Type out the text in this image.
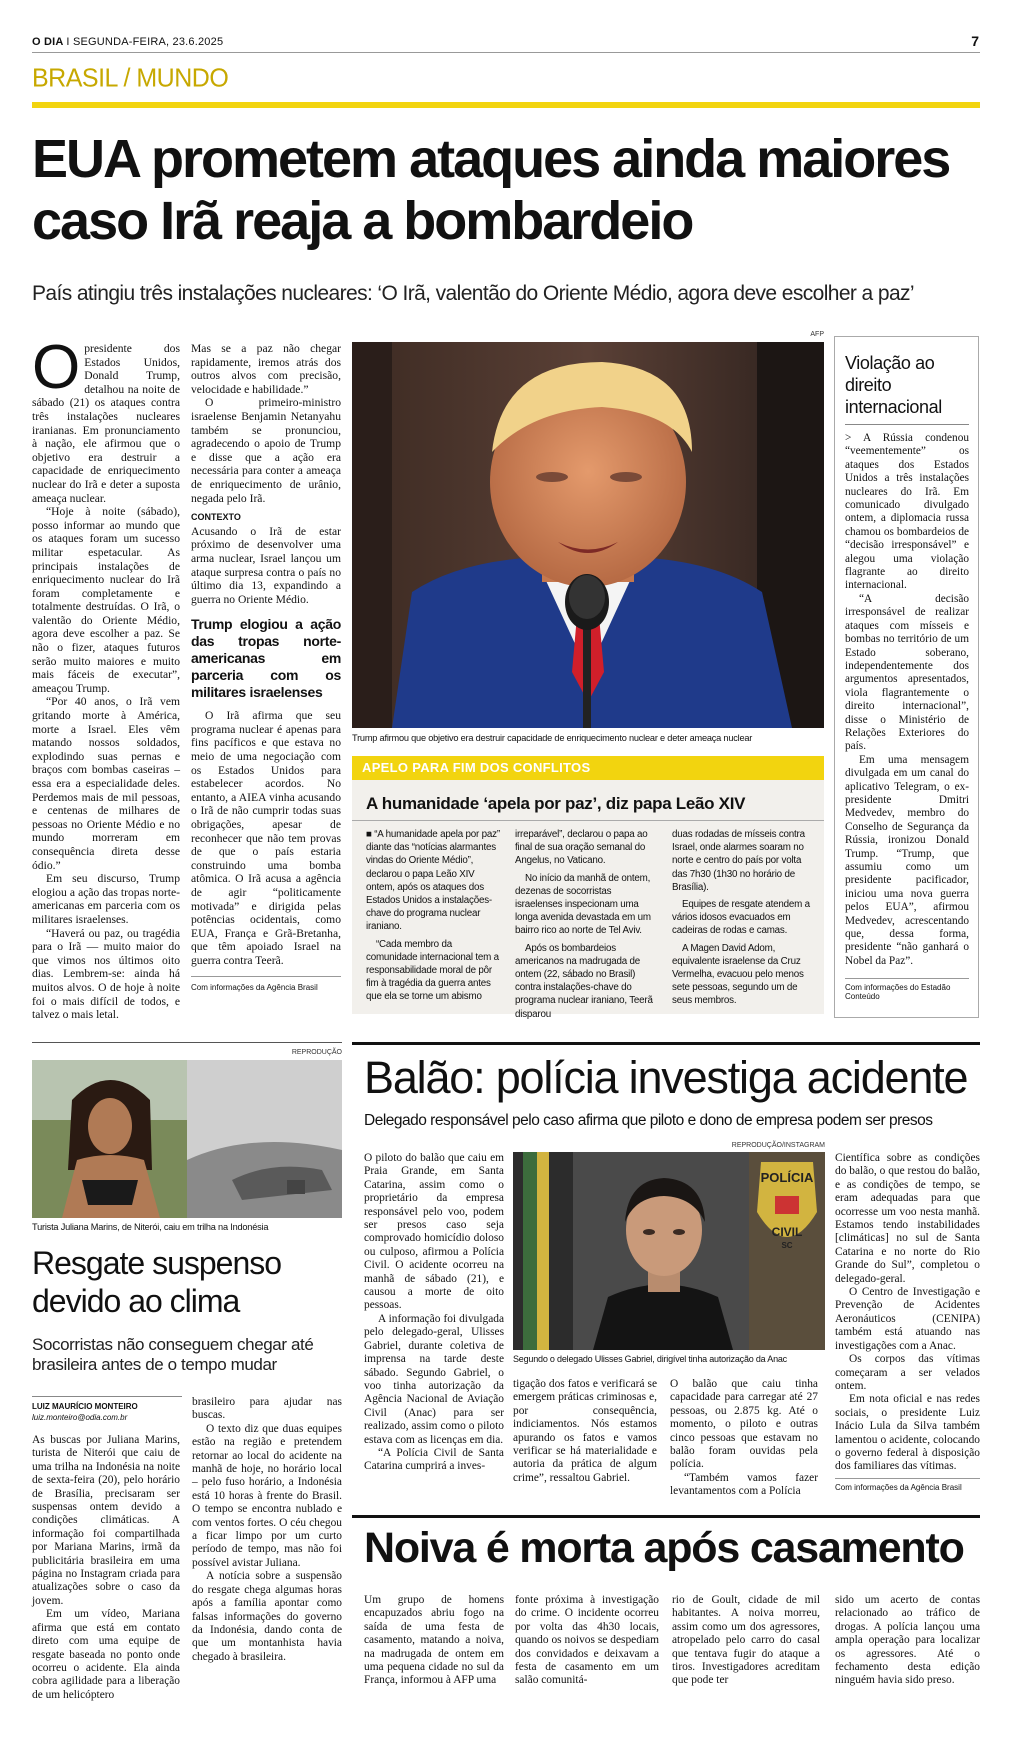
O DIA I SEGUNDA-FEIRA, 23.6.2025	7
BRASIL / MUNDO
EUA prometem ataques ainda maiores caso Irã reaja a bombardeio
País atingiu três instalações nucleares: ‘O Irã, valentão do Oriente Médio, agora deve escolher a paz’
O presidente dos Estados Unidos, Donald Trump, detalhou na noite de sábado (21) os ataques contra três instalações nucleares iranianas. Em pronunciamento à nação, ele afirmou que o objetivo era destruir a capacidade de enriquecimento nuclear do Irã e deter a suposta ameaça nuclear.

“Hoje à noite (sábado), posso informar ao mundo que os ataques foram um sucesso militar espetacular. As principais instalações de enriquecimento nuclear do Irã foram completamente e totalmente destruídas. O Irã, o valentão do Oriente Médio, agora deve escolher a paz. Se não o fizer, ataques futuros serão muito maiores e muito mais fáceis de executar”, ameaçou Trump.

“Por 40 anos, o Irã vem gritando morte à América, morte a Israel. Eles vêm matando nossos soldados, explodindo suas pernas e braços com bombas caseiras – essa era a especialidade deles. Perdemos mais de mil pessoas, e centenas de milhares de pessoas no Oriente Médio e no mundo morreram em consequência direta desse ódio.”

Em seu discurso, Trump elogiou a ação das tropas norte-americanas em parceria com os militares israelenses.

“Haverá ou paz, ou tragédia para o Irã — muito maior do que vimos nos últimos oito dias. Lembrem-se: ainda há muitos alvos. O de hoje à noite foi o mais difícil de todos, e talvez o mais letal.

Mas se a paz não chegar rapidamente, iremos atrás dos outros alvos com precisão, velocidade e habilidade.”

O primeiro-ministro israelense Benjamin Netanyahu também se pronunciou, agradecendo o apoio de Trump e disse que a ação era necessária para conter a ameaça de enriquecimento de urânio, negada pelo Irã.

CONTEXTO

Acusando o Irã de estar próximo de desenvolver uma arma nuclear, Israel lançou um ataque surpresa contra o país no último dia 13, expandindo a guerra no Oriente Médio.

Trump elogiou a ação das tropas norte-americanas em parceria com os militares israelenses

O Irã afirma que seu programa nuclear é apenas para fins pacíficos e que estava no meio de uma negociação com os Estados Unidos para estabelecer acordos. No entanto, a AIEA vinha acusando o Irã de não cumprir todas suas obrigações, apesar de reconhecer que não tem provas de que o país estaria construindo uma bomba atômica. O Irã acusa a agência de agir “politicamente motivada” e dirigida pelas potências ocidentais, como EUA, França e Grã-Bretanha, que têm apoiado Israel na guerra contra Teerã.

Com informações da Agência Brasil
AFP
Trump afirmou que objetivo era destruir capacidade de enriquecimento nuclear e deter ameaça nuclear
APELO PARA FIM DOS CONFLITOS
A humanidade ‘apela por paz’, diz papa Leão XIV

■ “A humanidade apela por paz” diante das “notícias alarmantes vindas do Oriente Médio”, declarou o papa Leão XIV ontem, após os ataques dos Estados Unidos a instalações-chave do programa nuclear iraniano.

“Cada membro da comunidade internacional tem a responsabilidade moral de pôr fim à tragédia da guerra antes que ela se torne um abismo

irreparável”, declarou o papa ao final de sua oração semanal do Angelus, no Vaticano.

No início da manhã de ontem, dezenas de socorristas israelenses inspecionam uma longa avenida devastada em um bairro rico ao norte de Tel Aviv.

Após os bombardeios americanos na madrugada de ontem (22, sábado no Brasil) contra instalações-chave do programa nuclear iraniano, Teerã disparou

duas rodadas de mísseis contra Israel, onde alarmes soaram no norte e centro do país por volta das 7h30 (1h30 no horário de Brasília).

Equipes de resgate atendem a vários idosos evacuados em cadeiras de rodas e camas.

A Magen David Adom, equivalente israelense da Cruz Vermelha, evacuou pelo menos sete pessoas, segundo um de seus membros.

Violação ao direito internacional

> A Rússia condenou “veementemente” os ataques dos Estados Unidos a três instalações nucleares do Irã. Em comunicado divulgado ontem, a diplomacia russa chamou os bombardeios de “decisão irresponsável” e alegou uma violação flagrante ao direito internacional.

“A decisão irresponsável de realizar ataques com mísseis e bombas no território de um Estado soberano, independentemente dos argumentos apresentados, viola flagrantemente o direito internacional”, disse o Ministério de Relações Exteriores do país.

Em uma mensagem divulgada em um canal do aplicativo Telegram, o ex-presidente Dmitri Medvedev, membro do Conselho de Segurança da Rússia, ironizou Donald Trump. “Trump, que assumiu como um presidente pacificador, iniciou uma nova guerra pelos EUA”, afirmou Medvedev, acrescentando que, dessa forma, presidente “não ganhará o Nobel da Paz”.

Com informações do Estadão Conteúdo
REPRODUÇÃO
Turista Juliana Marins, de Niterói, caiu em trilha na Indonésia
Resgate suspenso devido ao clima
Socorristas não conseguem chegar até brasileira antes de o tempo mudar
LUIZ MAURÍCIO MONTEIRO
luiz.monteiro@odia.com.br

As buscas por Juliana Marins, turista de Niterói que caiu de uma trilha na Indonésia na noite de sexta-feira (20), pelo horário de Brasília, precisaram ser suspensas ontem devido a condições climáticas. A informação foi compartilhada por Mariana Marins, irmã da publicitária brasileira em uma página no Instagram criada para atualizações sobre o caso da jovem.

Em um vídeo, Mariana afirma que está em contato direto com uma equipe de resgate baseada no ponto onde ocorreu o acidente. Ela ainda cobra agilidade para a liberação de um helicóptero

brasileiro para ajudar nas buscas.

O texto diz que duas equipes estão na região e pretendem retornar ao local do acidente na manhã de hoje, no horário local – pelo fuso horário, a Indonésia está 10 horas à frente do Brasil. O tempo se encontra nublado e com ventos fortes. O céu chegou a ficar limpo por um curto período de tempo, mas não foi possível avistar Juliana.

A notícia sobre a suspensão do resgate chega algumas horas após a família apontar como falsas informações do governo da Indonésia, dando conta de que um montanhista havia chegado à brasileira.

Balão: polícia investiga acidente
Delegado responsável pelo caso afirma que piloto e dono de empresa podem ser presos

O piloto do balão que caiu em Praia Grande, em Santa Catarina, assim como o proprietário da empresa responsável pelo voo, podem ser presos caso seja comprovado homicídio doloso ou culposo, afirmou a Polícia Civil. O acidente ocorreu na manhã de sábado (21), e causou a morte de oito pessoas.

A informação foi divulgada pelo delegado-geral, Ulisses Gabriel, durante coletiva de imprensa na tarde deste sábado. Segundo Gabriel, o voo tinha autorização da Agência Nacional de Aviação Civil (Anac) para ser realizado, assim como o piloto estava com as licenças em dia.

“A Polícia Civil de Santa Catarina cumprirá a inves-

REPRODUÇÃO/INSTAGRAM
POLÍCIA
CIVIL
SC
Segundo o delegado Ulisses Gabriel, dirigível tinha autorização da Anac

tigação dos fatos e verificará se emergem práticas criminosas e, por consequência, indiciamentos. Nós estamos apurando os fatos e vamos verificar se há materialidade e autoria da prática de algum crime”, ressaltou Gabriel.

O balão que caiu tinha capacidade para carregar até 27 pessoas, ou 2.875 kg. Até o momento, o piloto e outras cinco pessoas que estavam no balão foram ouvidas pela polícia.

“Também vamos fazer levantamentos com a Polícia

Científica sobre as condições do balão, o que restou do balão, e as condições de tempo, se eram adequadas para que ocorresse um voo nesta manhã. Estamos tendo instabilidades [climáticas] no sul de Santa Catarina e no norte do Rio Grande do Sul”, completou o delegado-geral.

O Centro de Investigação e Prevenção de Acidentes Aeronáuticos (CENIPA) também está atuando nas investigações com a Anac.

Os corpos das vítimas começaram a ser velados ontem.

Em nota oficial e nas redes sociais, o presidente Luiz Inácio Lula da Silva também lamentou o acidente, colocando o governo federal à disposição dos familiares das vítimas.

Com informações da Agência Brasil
Noiva é morta após casamento

Um grupo de homens encapuzados abriu fogo na saída de uma festa de casamento, matando a noiva, na madrugada de ontem em uma pequena cidade no sul da França, informou à AFP uma

fonte próxima à investigação do crime. O incidente ocorreu por volta das 4h30 locais, quando os noivos se despediam dos convidados e deixavam a festa de casamento em um salão comunitá-

rio de Goult, cidade de mil habitantes. A noiva morreu, assim como um dos agressores, atropelado pelo carro do casal que tentava fugir do ataque a tiros. Investigadores acreditam que pode ter

sido um acerto de contas relacionado ao tráfico de drogas. A polícia lançou uma ampla operação para localizar os agressores. Até o fechamento desta edição ninguém havia sido preso.
